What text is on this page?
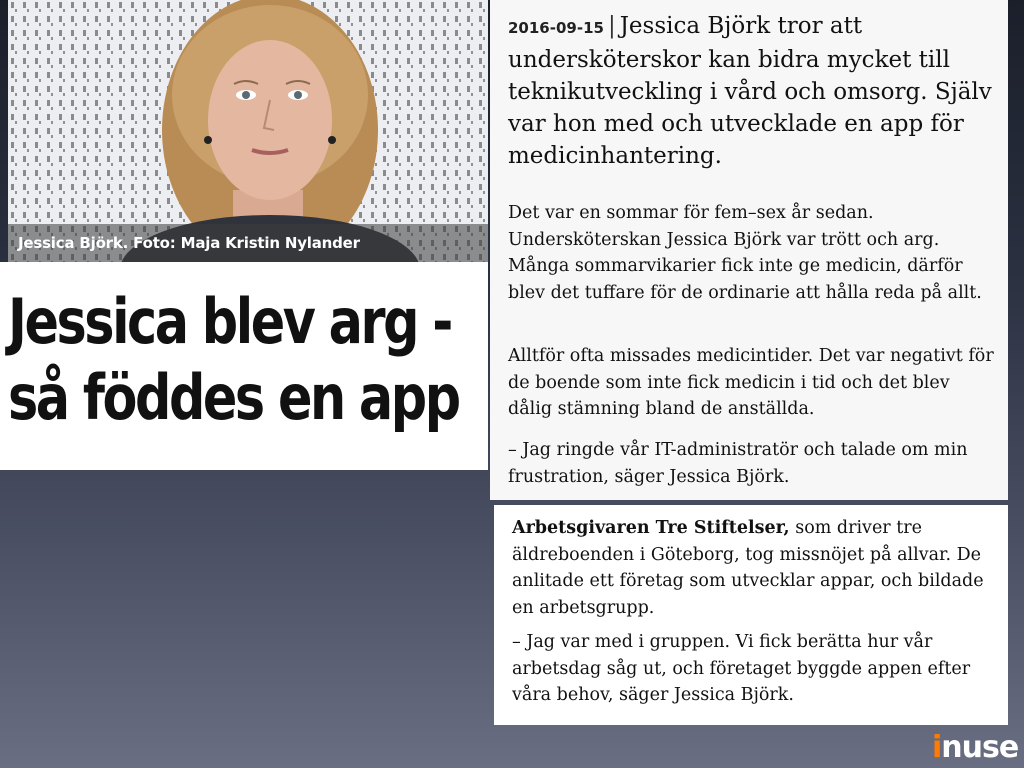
Jessica Björk. Foto: Maja Kristin Nylander
Jessica blev arg -
så föddes en app
2016-09-15 | Jessica Björk tror att undersköterskor kan bidra mycket till teknikutveckling i vård och omsorg. Själv var hon med och utvecklade en app för medicinhantering.
Det var en sommar för fem–sex år sedan. Undersköterskan Jessica Björk var trött och arg. Många sommarvikarier fick inte ge medicin, därför blev det tuffare för de ordinarie att hålla reda på allt.
Alltför ofta missades medicintider. Det var negativt för de boende som inte fick medicin i tid och det blev dålig stämning bland de anställda.
– Jag ringde vår IT-administratör och talade om min frustration, säger Jessica Björk.
Arbetsgivaren Tre Stiftelser, som driver tre äldreboenden i Göteborg, tog missnöjet på allvar. De anlitade ett företag som utvecklar appar, och bildade en arbetsgrupp.
– Jag var med i gruppen. Vi fick berätta hur vår arbetsdag såg ut, och företaget byggde appen efter våra behov, säger Jessica Björk.
inuse
